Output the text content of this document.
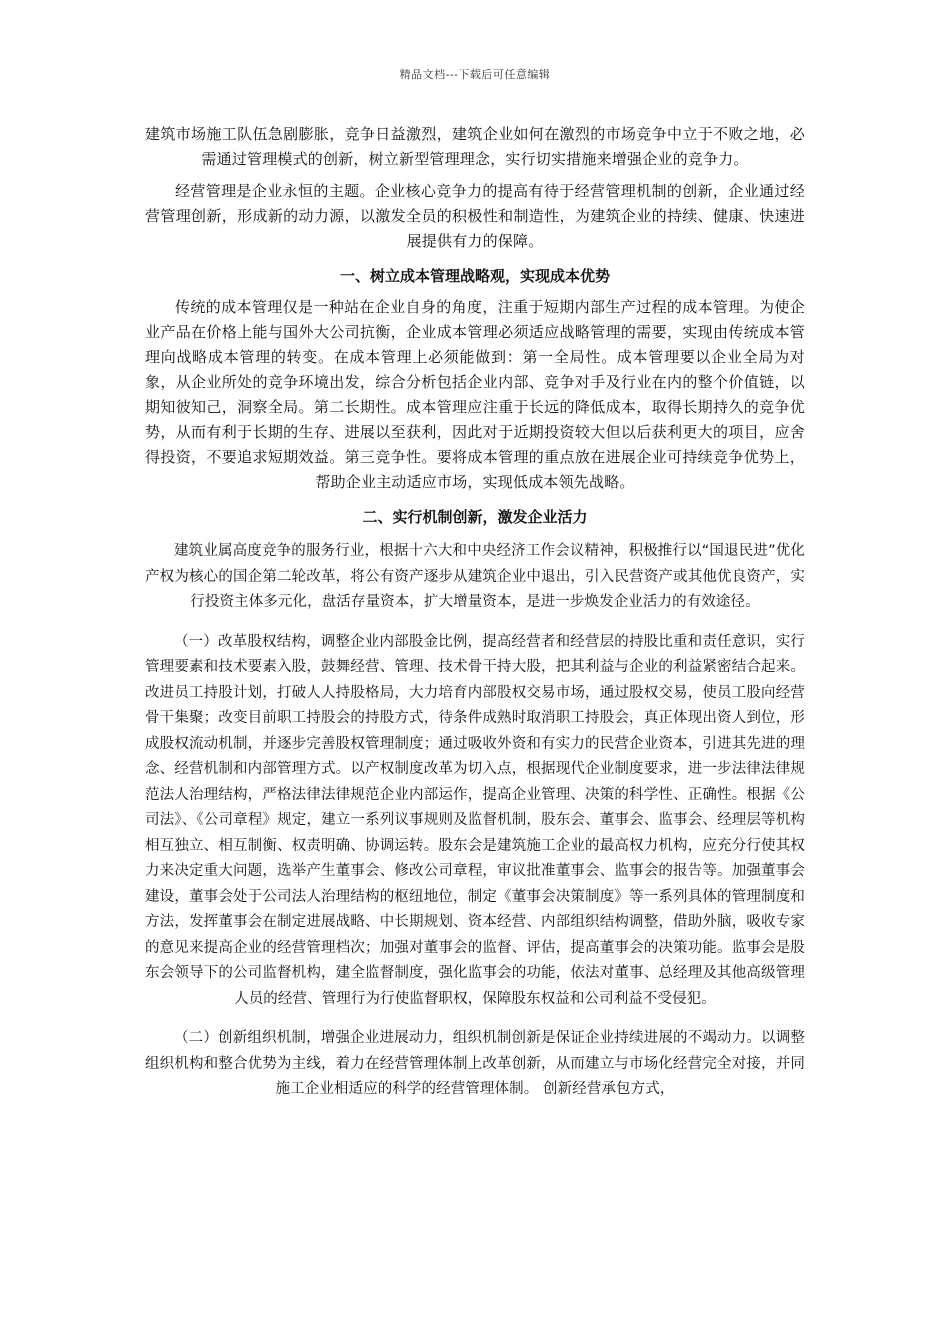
精品文档---下载后可任意编辑

建筑市场施工队伍急剧膨胀，竞争日益激烈，建筑企业如何在激烈的市场竞争中立于不败之地，必需通过管理模式的创新，树立新型管理理念，实行切实措施来增强企业的竞争力。

经营管理是企业永恒的主题。企业核心竞争力的提高有待于经营管理机制的创新，企业通过经营管理创新，形成新的动力源，以激发全员的积极性和制造性，为建筑企业的持续、健康、快速进展提供有力的保障。

一、树立成本管理战略观，实现成本优势

传统的成本管理仅是一种站在企业自身的角度，注重于短期内部生产过程的成本管理。为使企业产品在价格上能与国外大公司抗衡，企业成本管理必须适应战略管理的需要，实现由传统成本管理向战略成本管理的转变。在成本管理上必须能做到：第一全局性。成本管理要以企业全局为对象，从企业所处的竞争环境出发，综合分析包括企业内部、竞争对手及行业在内的整个价值链，以期知彼知己，洞察全局。第二长期性。成本管理应注重于长远的降低成本，取得长期持久的竞争优势，从而有利于长期的生存、进展以至获利，因此对于近期投资较大但以后获利更大的项目，应舍得投资，不要追求短期效益。第三竞争性。要将成本管理的重点放在进展企业可持续竞争优势上，帮助企业主动适应市场，实现低成本领先战略。

二、实行机制创新，激发企业活力

建筑业属高度竞争的服务行业，根据十六大和中央经济工作会议精神，积极推行以“国退民进”优化产权为核心的国企第二轮改革，将公有资产逐步从建筑企业中退出，引入民营资产或其他优良资产，实行投资主体多元化，盘活存量资本，扩大增量资本，是进一步焕发企业活力的有效途径。

（一）改革股权结构，调整企业内部股金比例，提高经营者和经营层的持股比重和责任意识，实行管理要素和技术要素入股，鼓舞经营、管理、技术骨干持大股，把其利益与企业的利益紧密结合起来。改进员工持股计划，打破人人持股格局，大力培育内部股权交易市场，通过股权交易，使员工股向经营骨干集聚；改变目前职工持股会的持股方式，待条件成熟时取消职工持股会，真正体现出资人到位，形成股权流动机制，并逐步完善股权管理制度；通过吸收外资和有实力的民营企业资本，引进其先进的理念、经营机制和内部管理方式。以产权制度改革为切入点，根据现代企业制度要求，进一步法律法律规范法人治理结构，严格法律法律规范企业内部运作，提高企业管理、决策的科学性、正确性。根据《公司法》、《公司章程》规定，建立一系列议事规则及监督机制，股东会、董事会、监事会、经理层等机构相互独立、相互制衡、权责明确、协调运转。股东会是建筑施工企业的最高权力机构，应充分行使其权力来决定重大问题，选举产生董事会、修改公司章程，审议批准董事会、监事会的报告等。加强董事会建设，董事会处于公司法人治理结构的枢纽地位，制定《董事会决策制度》等一系列具体的管理制度和方法，发挥董事会在制定进展战略、中长期规划、资本经营、内部组织结构调整，借助外脑，吸收专家的意见来提高企业的经营管理档次；加强对董事会的监督、评估，提高董事会的决策功能。监事会是股东会领导下的公司监督机构，建全监督制度，强化监事会的功能，依法对董事、总经理及其他高级管理人员的经营、管理行为行使监督职权，保障股东权益和公司利益不受侵犯。

（二）创新组织机制，增强企业进展动力，组织机制创新是保证企业持续进展的不竭动力。以调整组织机构和整合优势为主线，着力在经营管理体制上改革创新，从而建立与市场化经营完全对接，并同施工企业相适应的科学的经营管理体制。 创新经营承包方式，
